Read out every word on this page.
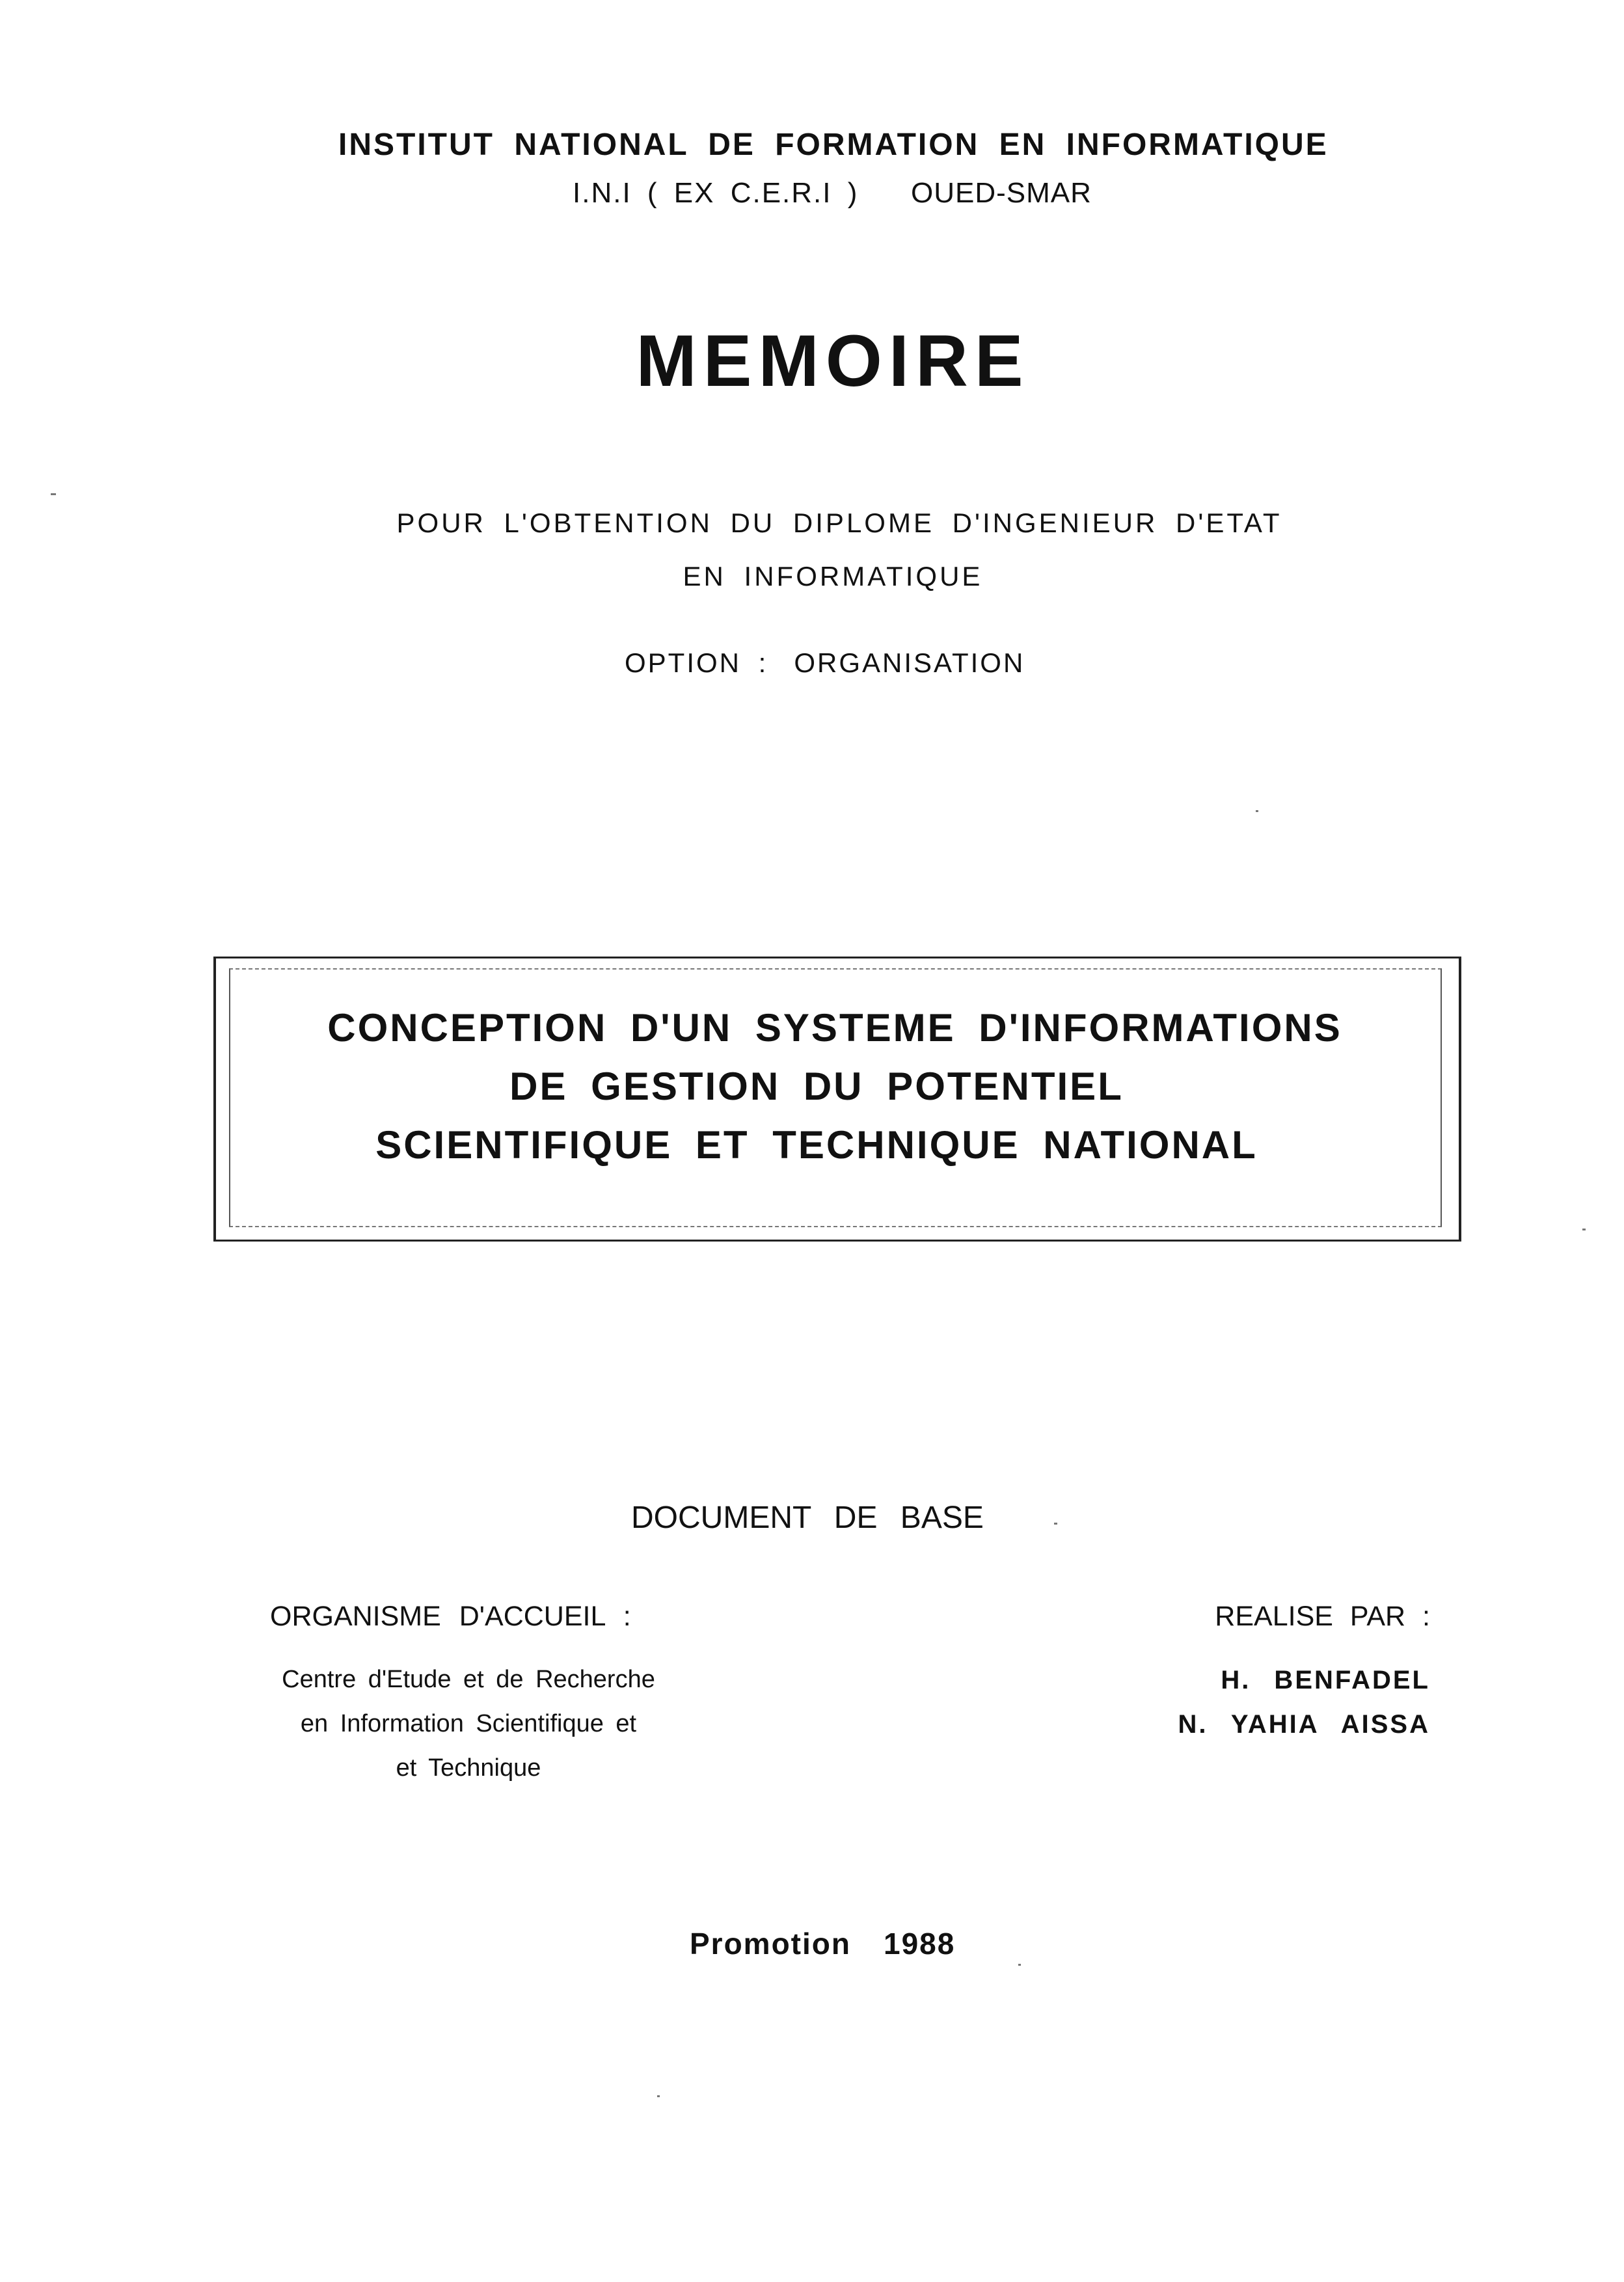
INSTITUT NATIONAL DE FORMATION EN INFORMATIQUE
I.N.I ( EX C.E.R.I ) OUED-SMAR
MEMOIRE
POUR L'OBTENTION DU DIPLOME D'INGENIEUR D'ETAT
EN INFORMATIQUE
OPTION : ORGANISATION
CONCEPTION D'UN SYSTEME D'INFORMATIONS
DE GESTION DU POTENTIEL
SCIENTIFIQUE ET TECHNIQUE NATIONAL
DOCUMENT DE BASE
ORGANISME D'ACCUEIL :
Centre d'Etude et de Recherche
en Information Scientifique et
et Technique
REALISE PAR :
H. BENFADEL
N. YAHIA AISSA
Promotion 1988
